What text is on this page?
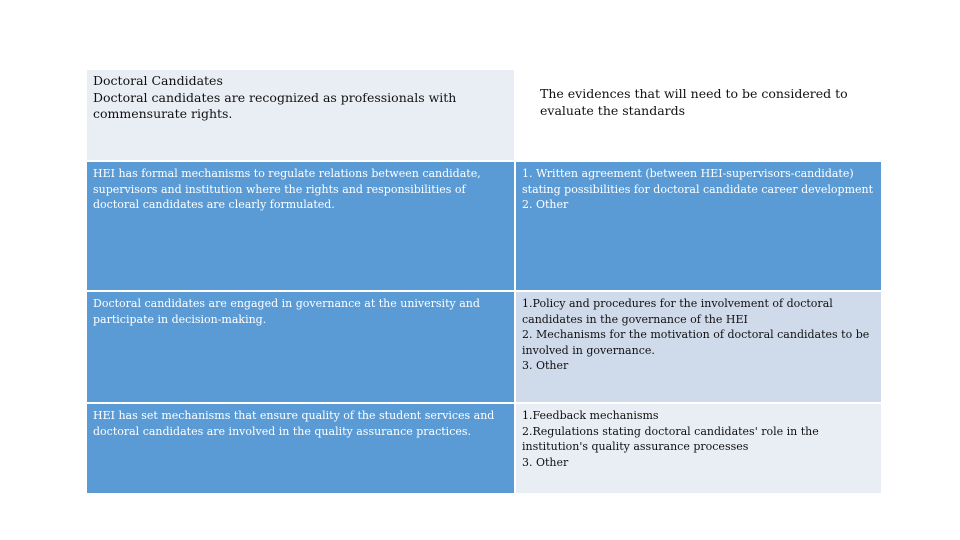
Doctoral Candidates
Doctoral candidates are recognized as professionals with commensurate rights.
The evidences that will need to be considered to evaluate the standards
HEI has formal mechanisms to regulate relations between candidate, supervisors and institution where the rights and responsibilities of doctoral candidates are clearly formulated.
1. Written agreement (between HEI-supervisors-candidate) stating possibilities for doctoral candidate career development
2. Other
Doctoral candidates are engaged in governance at the university and participate in decision-making.
1.Policy and procedures for the involvement of doctoral candidates in the governance of the HEI
2. Mechanisms for the motivation of doctoral candidates to be involved in governance.
3. Other
HEI has set mechanisms that ensure quality of the student services and doctoral candidates are involved in the quality assurance practices.
1.Feedback mechanisms
2.Regulations stating doctoral candidates' role in the institution's quality assurance processes
3. Other
